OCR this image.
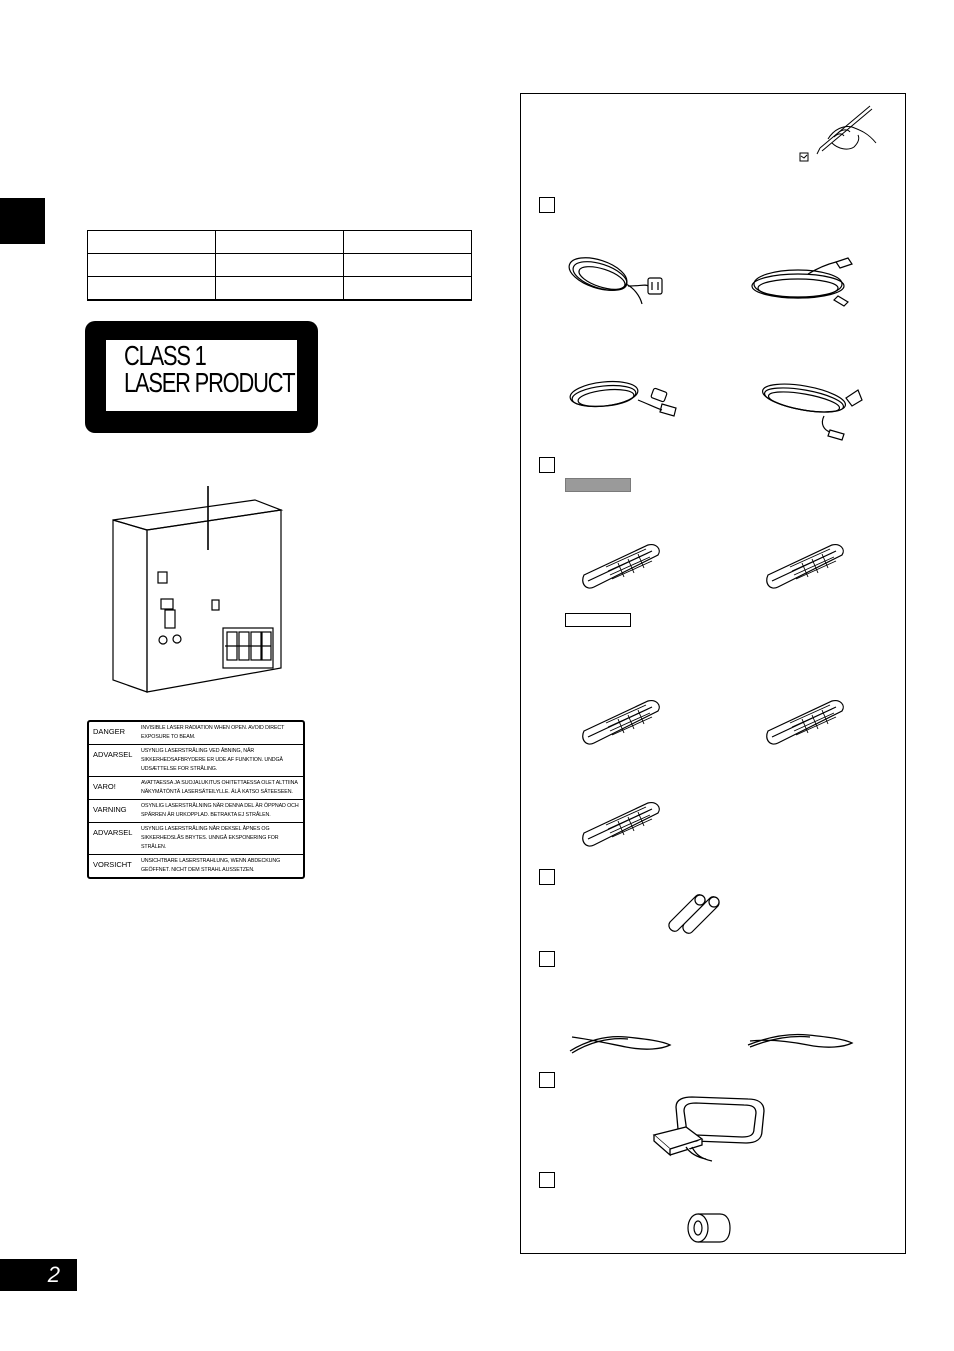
CLASS 1
LASER PRODUCT
DANGER	INVISIBLE LASER RADIATION WHEN OPEN. AVOID DIRECT EXPOSURE TO BEAM.
ADVARSEL	USYNLIG LASERSTRÅLING VED ÅBNING, NÅR SIKKERHEDSAFBRYDERE ER UDE AF FUNKTION. UNDGÅ UDSÆTTELSE FOR STRÅLING.
VARO!	AVATTAESSA JA SUOJALUKITUS OHITETTAESSA OLET ALTTIINA NÄKYMÄTÖNTÄ LASERSÄTEILYLLE. ÄLÄ KATSO SÄTEESEEN.
VARNING	OSYNLIG LASERSTRÅLNING NÄR DENNA DEL ÄR ÖPPNAD OCH SPÄRREN ÄR URKOPPLAD. BETRAKTA EJ STRÅLEN.
ADVARSEL	USYNLIG LASERSTRÅLING NÅR DEKSEL ÅPNES OG SIKKERHEDSLÅS BRYTES. UNNGÅ EKSPONERING FOR STRÅLEN.
VORSICHT	UNSICHTBARE LASERSTRAHLUNG, WENN ABDECKUNG GEÖFFNET. NICHT DEM STRAHL AUSSETZEN.
2
